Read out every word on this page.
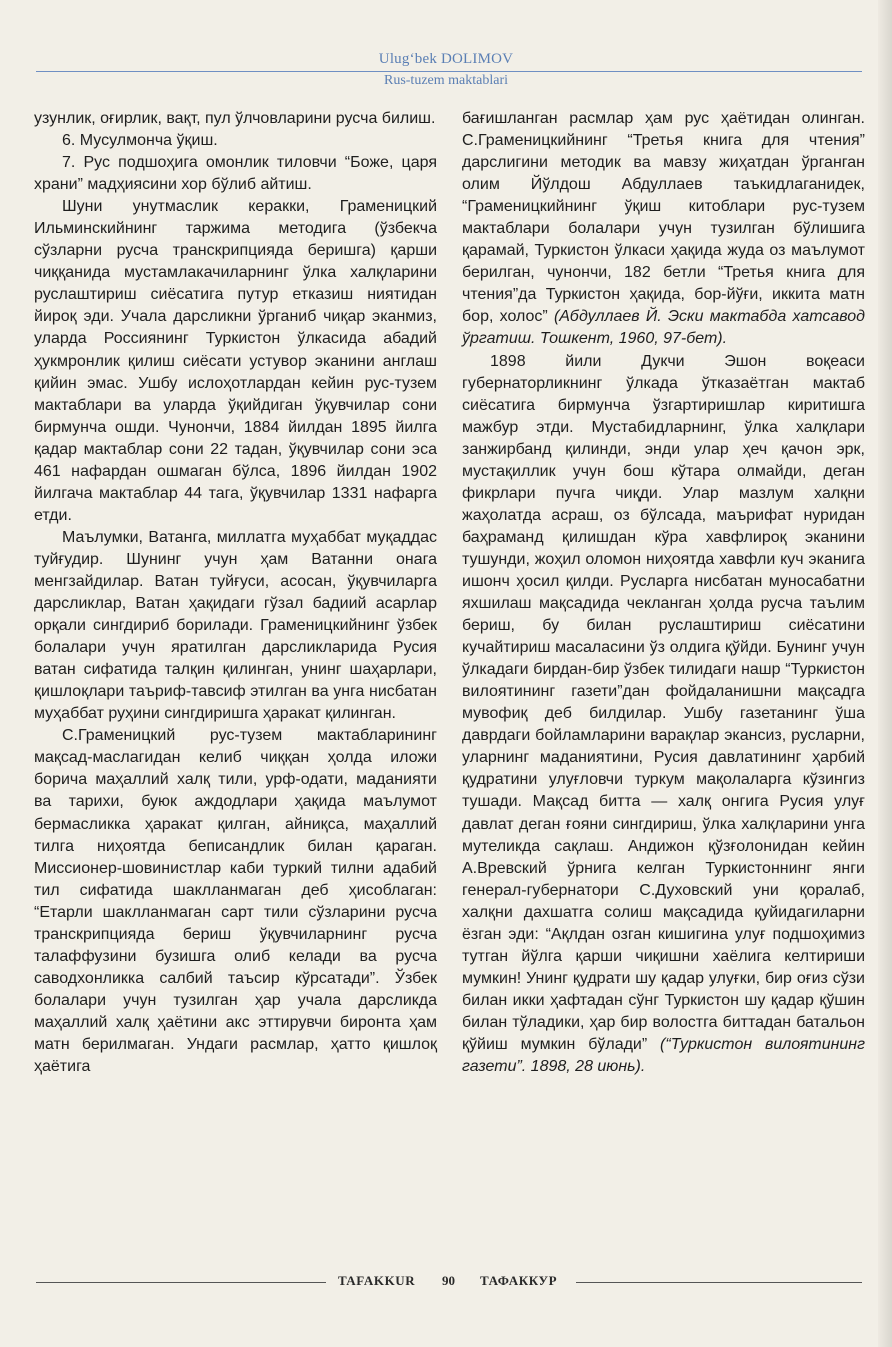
Ulug‘bek DOLIMOV
Rus-tuzem maktablari

узунлик, оғирлик, вақт, пул ўлчовларини русча билиш.

6. Мусулмонча ўқиш.

7. Рус подшоҳига омонлик тиловчи “Боже, царя храни” мадҳиясини хор бўлиб айтиш.

Шуни унутмаслик керакки, Граменицкий Ильминскийнинг таржима методига (ўзбекча сўзларни русча транскрипцияда беришга) қарши чиққанида мустамлакачиларнинг ўлка халқларини руслаштириш сиёсатига путур етказиш ниятидан йироқ эди. Учала дарсликни ўрганиб чиқар эканмиз, уларда Россиянинг Туркистон ўлкасида абадий ҳукмронлик қилиш сиёсати устувор эканини англаш қийин эмас. Ушбу ислоҳотлардан кейин рус-тузем мактаблари ва уларда ўқийдиган ўқувчилар сони бирмунча ошди. Чунончи, 1884 йилдан 1895 йилга қадар мактаблар сони 22 тадан, ўқувчилар сони эса 461 нафардан ошмаган бўлса, 1896 йилдан 1902 йилгача мактаблар 44 тага, ўқувчилар 1331 нафарга етди.

Маълумки, Ватанга, миллатга муҳаббат муқаддас туйғудир. Шунинг учун ҳам Ватанни онага менгзайдилар. Ватан туйғуси, асосан, ўқувчиларга дарсликлар, Ватан ҳақидаги гўзал бадиий асарлар орқали сингдириб борилади. Граменицкийнинг ўзбек болалари учун яратилган дарсликларида Русия ватан сифатида талқин қилинган, унинг шаҳарлари, қишлоқлари таъриф-тавсиф этилган ва унга нисбатан муҳаббат руҳини сингдиришга ҳаракат қилинган.

С.Граменицкий рус-тузем мактабларининг мақсад-маслагидан келиб чиққан ҳолда иложи борича маҳаллий халқ тили, урф-одати, маданияти ва тарихи, буюк аждодлари ҳақида маълумот бермасликка ҳаракат қилган, айниқса, маҳаллий тилга ниҳоятда беписандлик билан қараган. Миссионер-шовинистлар каби туркий тилни адабий тил сифатида шаклланмаган деб ҳисоблаган: “Етарли шаклланмаган сарт тили сўзларини русча транскрипцияда бериш ўқувчиларнинг русча талаффузини бузишга олиб келади ва русча саводхонликка салбий таъсир кўрсатади”. Ўзбек болалари учун тузилган ҳар учала дарсликда маҳаллий халқ ҳаётини акс эттирувчи биронта ҳам матн берилмаган. Ундаги расмлар, ҳатто қишлоқ ҳаётига

бағишланган расмлар ҳам рус ҳаётидан олинган. С.Граменицкийнинг “Третья книга для чтения” дарслигини методик ва мавзу жиҳатдан ўрганган олим Йўлдош Абдуллаев таъкидлаганидек, “Граменицкийнинг ўқиш китоблари рус-тузем мактаблари болалари учун тузилган бўлишига қарамай, Туркистон ўлкаси ҳақида жуда оз маълумот берилган, чунончи, 182 бетли “Третья книга для чтения”да Туркистон ҳақида, бор-йўғи, иккита матн бор, холос” (Абдуллаев Й. Эски мактабда хатсавод ўргатиш. Тошкент, 1960, 97-бет).

1898 йили Дукчи Эшон воқеаси губернаторликнинг ўлкада ўтказаётган мактаб сиёсатига бирмунча ўзгартиришлар киритишга мажбур этди. Мустабидларнинг, ўлка халқлари занжирбанд қилинди, энди улар ҳеч қачон эрк, мустақиллик учун бош кўтара олмайди, деган фикрлари пучга чиқди. Улар мазлум халқни жаҳолатда асраш, оз бўлсада, маърифат нуридан баҳраманд қилишдан кўра хавфлироқ эканини тушунди, жоҳил оломон ниҳоятда хавфли куч эканига ишонч ҳосил қилди. Русларга нисбатан муносабатни яхшилаш мақсадида чекланган ҳолда русча таълим бериш, бу билан руслаштириш сиёсатини кучайтириш масаласини ўз олдига қўйди. Бунинг учун ўлкадаги бирдан-бир ўзбек тилидаги нашр “Туркистон вилоятининг газети”дан фойдаланишни мақсадга мувофиқ деб билдилар. Ушбу газетанинг ўша даврдаги бойламларини варақлар экансиз, русларни, уларнинг маданиятини, Русия давлатининг ҳарбий қудратини улуғловчи туркум мақолаларга кўзингиз тушади. Мақсад битта — халқ онгига Русия улуғ давлат деган ғояни сингдириш, ўлка халқларини унга мутеликда сақлаш. Андижон қўзғолонидан кейин А.Вревский ўрнига келган Туркистоннинг янги генерал-губернатори С.Духовский уни қоралаб, халқни дахшатга солиш мақсадида қуйидагиларни ёзган эди: “Ақлдан озган кишигина улуғ подшоҳимиз тутган йўлга қарши чиқишни хаёлига келтириши мумкин! Унинг қудрати шу қадар улуғки, бир оғиз сўзи билан икки ҳафтадан сўнг Туркистон шу қадар қўшин билан тўладики, ҳар бир волостга биттадан батальон қўйиш мумкин бўлади” (“Туркистон вилоятининг газети”. 1898, 28 июнь).

TAFAKKUR 90 ТАФАККУР
